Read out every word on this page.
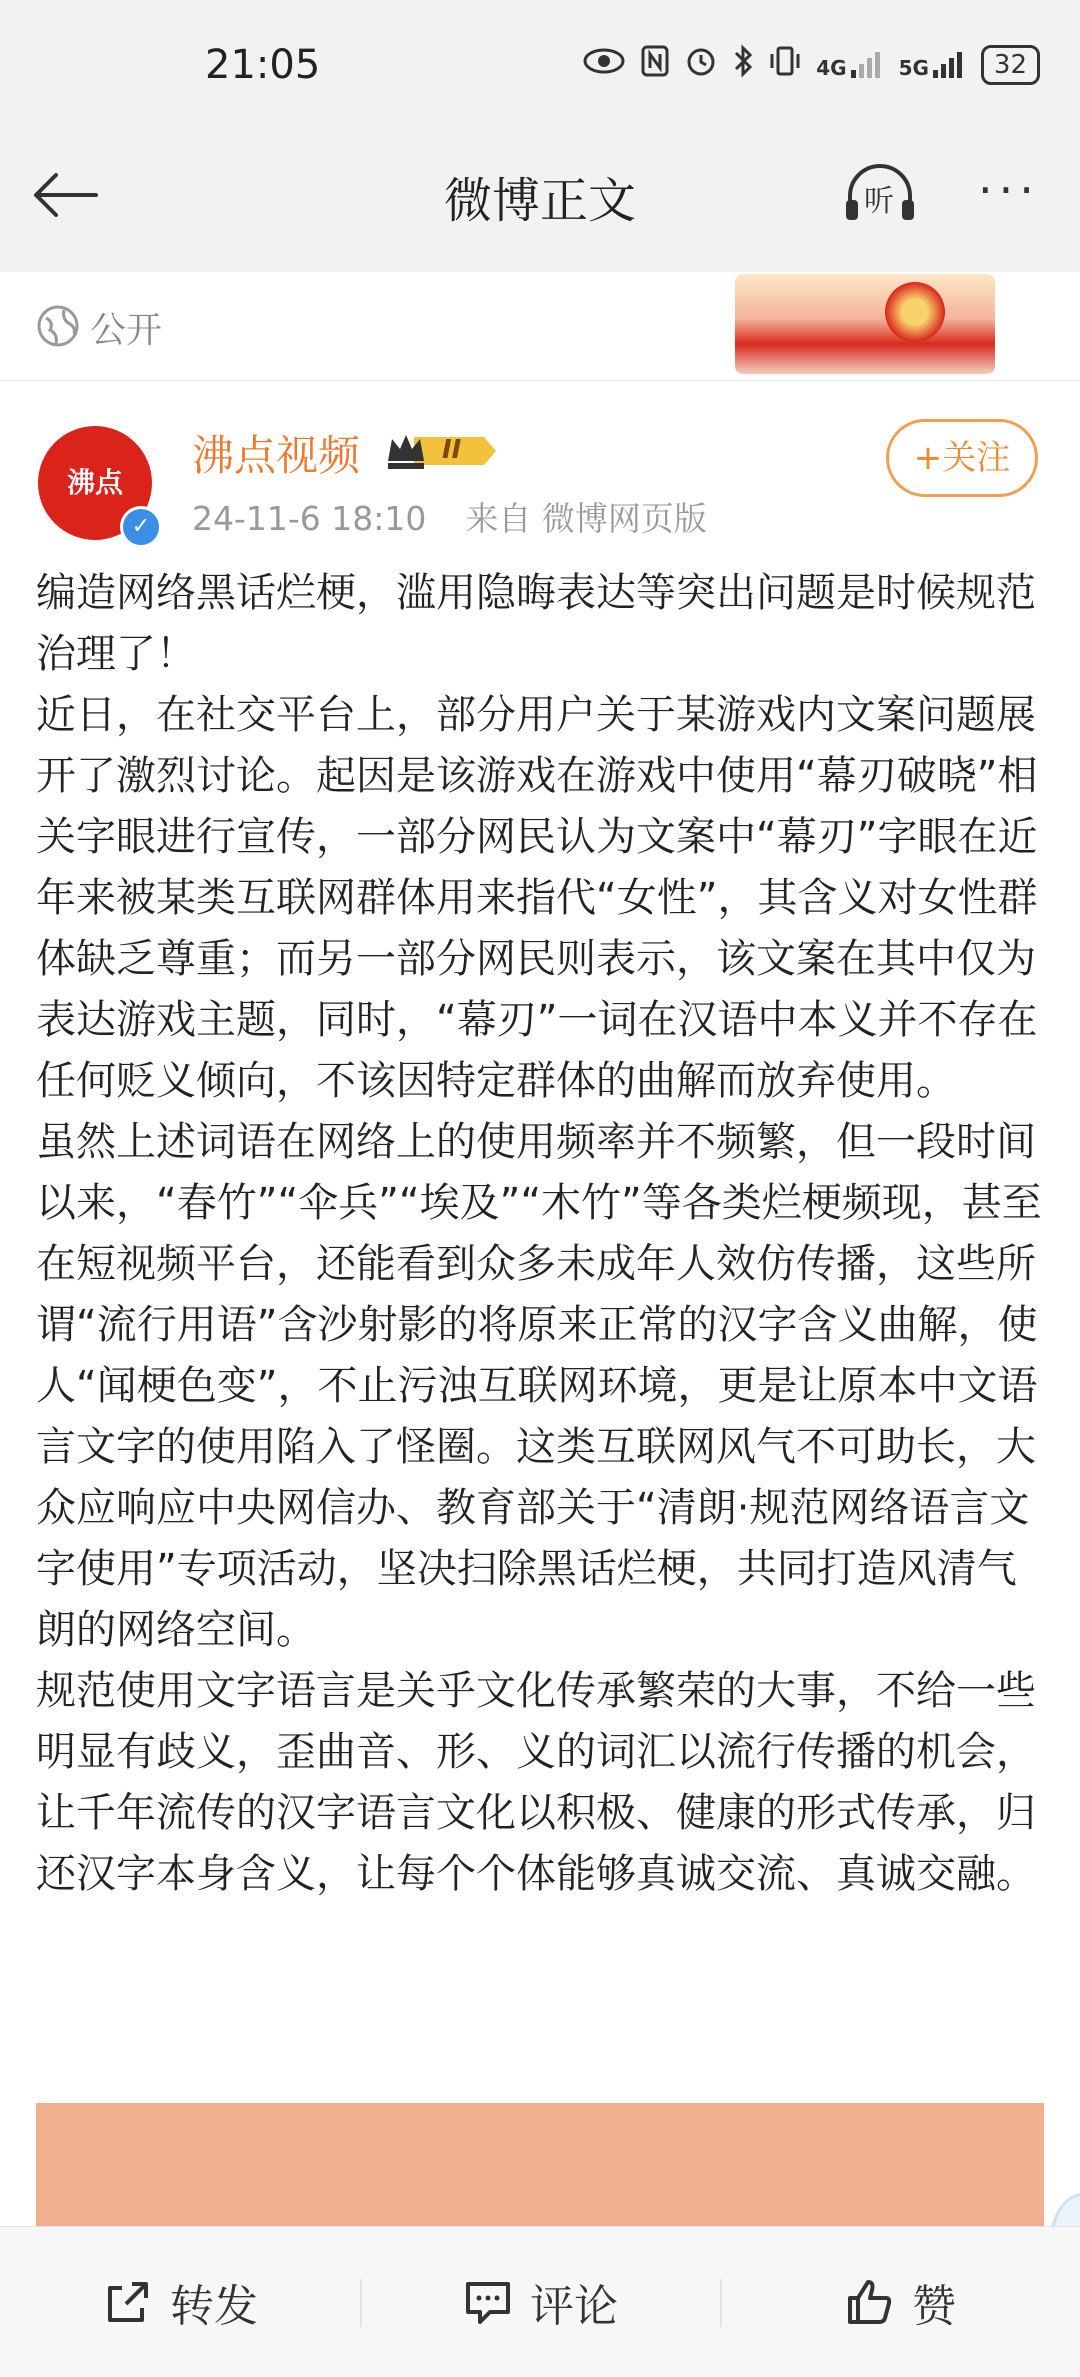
21:05	4G	5G	32
微博正文	听 ···
公开
沸点
✓
沸点视频	II
24-11-6 18:10 来自 微博网页版
+关注

编造网络黑话烂梗，滥用隐晦表达等突出问题是时候规范治理了！

近日，在社交平台上，部分用户关于某游戏内文案问题展开了激烈讨论。起因是该游戏在游戏中使用“幕刃破晓”相关字眼进行宣传，一部分网民认为文案中“幕刃”字眼在近年来被某类互联网群体用来指代“女性”，其含义对女性群体缺乏尊重；而另一部分网民则表示，该文案在其中仅为表达游戏主题，同时，“幕刃”一词在汉语中本义并不存在任何贬义倾向，不该因特定群体的曲解而放弃使用。

虽然上述词语在网络上的使用频率并不频繁，但一段时间以来，“春竹”“伞兵”“埃及”“木竹”等各类烂梗频现，甚至在短视频平台，还能看到众多未成年人效仿传播，这些所谓“流行用语”含沙射影的将原来正常的汉字含义曲解，使人“闻梗色变”，不止污浊互联网环境，更是让原本中文语言文字的使用陷入了怪圈。这类互联网风气不可助长，大众应响应中央网信办、教育部关于“清朗·规范网络语言文字使用”专项活动，坚决扫除黑话烂梗，共同打造风清气朗的网络空间。

规范使用文字语言是关乎文化传承繁荣的大事，不给一些明显有歧义，歪曲音、形、义的词汇以流行传播的机会，让千年流传的汉字语言文化以积极、健康的形式传承，归还汉字本身含义，让每个个体能够真诚交流、真诚交融。

转发	评论	赞
